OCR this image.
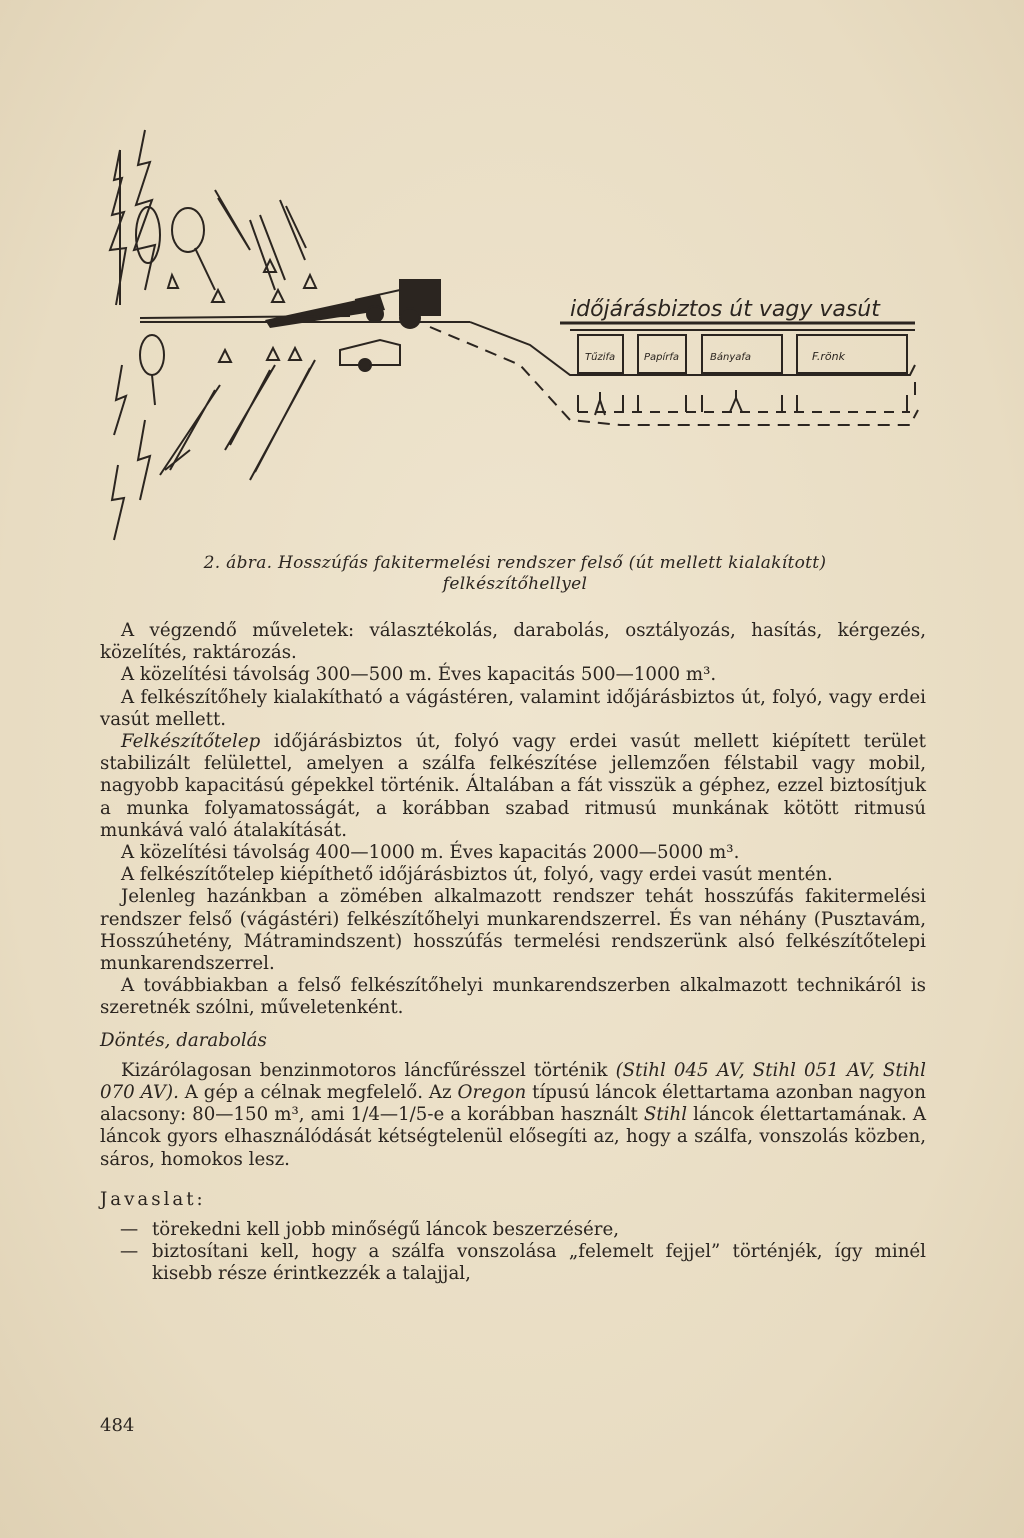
időjárásbiztos út vagy vasút
Tűzifa	Papírfa	Bányafa	F.rönk
2. ábra. Hosszúfás fakitermelési rendszer felső (út mellett kialakított)
felkészítőhellyel

A végzendő műveletek: választékolás, darabolás, osztályozás, hasítás, kérgezés, közelítés, raktározás.

A közelítési távolság 300—500 m. Éves kapacitás 500—1000 m³.

A felkészítőhely kialakítható a vágástéren, valamint időjárásbiztos út, folyó, vagy erdei vasút mellett.

Felkészítőtelep időjárásbiztos út, folyó vagy erdei vasút mellett kiépített terület stabilizált felülettel, amelyen a szálfa felkészítése jellemzően félstabil vagy mobil, nagyobb kapacitású gépekkel történik. Általában a fát visszük a géphez, ezzel biztosítjuk a munka folyamatosságát, a korábban szabad ritmusú munkának kötött ritmusú munkává való átalakítását.

A közelítési távolság 400—1000 m. Éves kapacitás 2000—5000 m³.

A felkészítőtelep kiépíthető időjárásbiztos út, folyó, vagy erdei vasút mentén.

Jelenleg hazánkban a zömében alkalmazott rendszer tehát hosszúfás fakitermelési rendszer felső (vágástéri) felkészítőhelyi munkarendszerrel. És van néhány (Pusztavám, Hosszúhetény, Mátramindszent) hosszúfás termelési rendszerünk alsó felkészítőtelepi munkarendszerrel.

A továbbiakban a felső felkészítőhelyi munkarendszerben alkalmazott technikáról is szeretnék szólni, műveletenként.

Döntés, darabolás

Kizárólagosan benzinmotoros láncfűrésszel történik (Stihl 045 AV, Stihl 051 AV, Stihl 070 AV). A gép a célnak megfelelő. Az Oregon típusú láncok élettartama azonban nagyon alacsony: 80—150 m³, ami 1/4—1/5-e a korábban használt Stihl láncok élettartamának. A láncok gyors elhasználódását kétségtelenül elősegíti az, hogy a szálfa, vonszolás közben, sáros, homokos lesz.

Javaslat:

— törekedni kell jobb minőségű láncok beszerzésére,
— biztosítani kell, hogy a szálfa vonszolása „felemelt fejjel” történjék, így minél kisebb része érintkezzék a talajjal,
484
